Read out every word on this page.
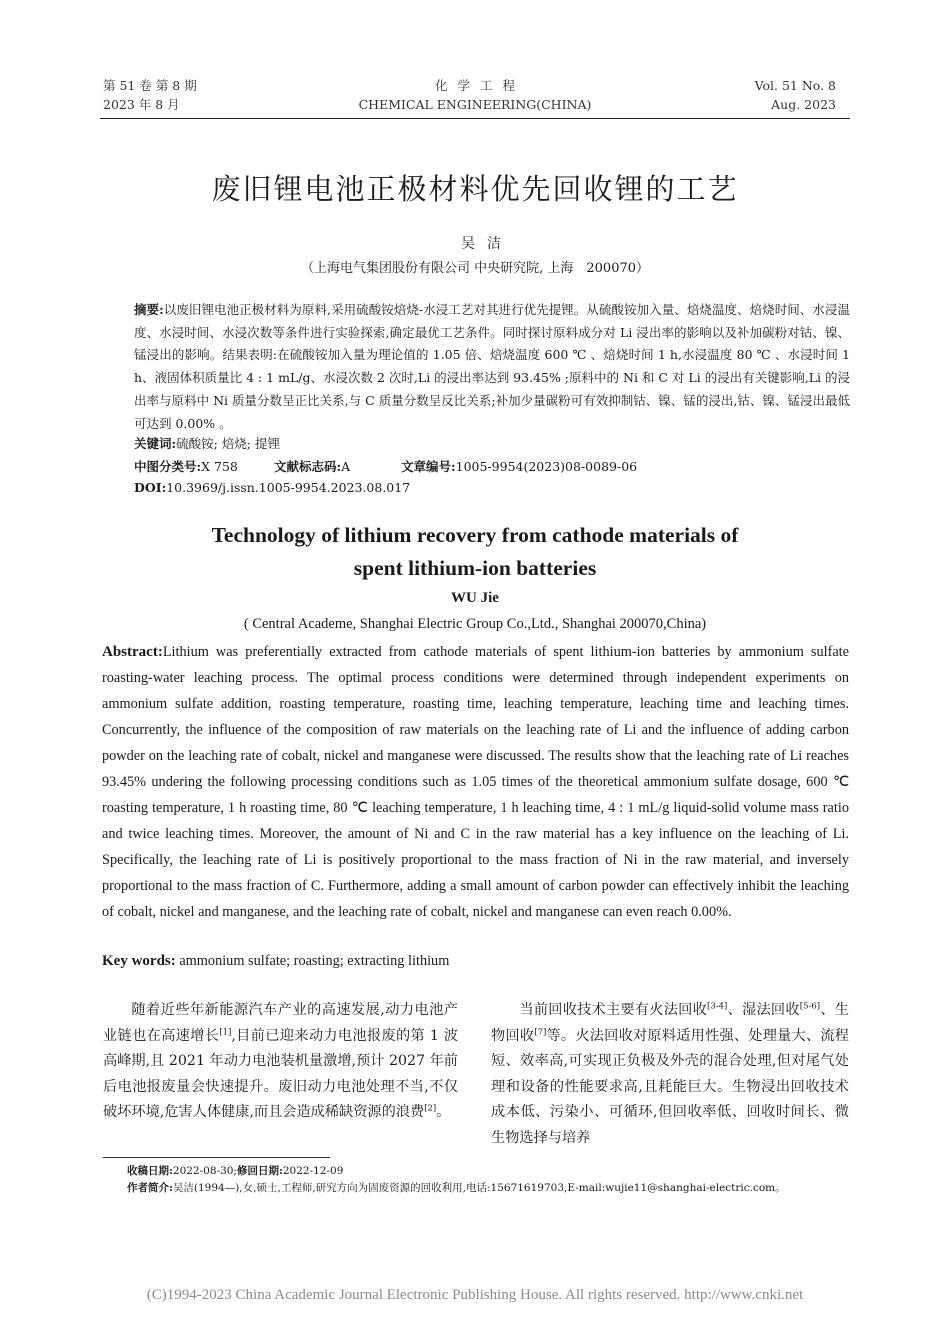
第 51 卷 第 8 期
2023 年 8 月
化学工程
CHEMICAL ENGINEERING(CHINA)
Vol. 51 No. 8
Aug. 2023
废旧锂电池正极材料优先回收锂的工艺
吴洁
（上海电气集团股份有限公司 中央研究院, 上海　200070）

摘要:以废旧锂电池正极材料为原料,采用硫酸铵焙烧-水浸工艺对其进行优先提锂。从硫酸铵加入量、焙烧温度、焙烧时间、水浸温度、水浸时间、水浸次数等条件进行实验探索,确定最优工艺条件。同时探讨原料成分对 Li 浸出率的影响以及补加碳粉对钴、镍、锰浸出的影响。结果表明:在硫酸铵加入量为理论值的 1.05 倍、焙烧温度 600 ℃ 、焙烧时间 1 h,水浸温度 80 ℃ 、水浸时间 1 h、液固体积质量比 4 : 1 mL/g、水浸次数 2 次时,Li 的浸出率达到 93.45% ;原料中的 Ni 和 C 对 Li 的浸出有关键影响,Li 的浸出率与原料中 Ni 质量分数呈正比关系,与 C 质量分数呈反比关系;补加少量碳粉可有效抑制钴、镍、锰的浸出,钴、镍、锰浸出最低可达到 0.00% 。

关键词:硫酸铵; 焙烧; 提锂
中图分类号:X 758	文献标志码:A	文章编号:1005-9954(2023)08-0089-06
DOI:10.3969/j.issn.1005-9954.2023.08.017
Technology of lithium recovery from cathode materials of
spent lithium-ion batteries
WU Jie
( Central Academe, Shanghai Electric Group Co.,Ltd., Shanghai 200070,China)

Abstract:Lithium was preferentially extracted from cathode materials of spent lithium-ion batteries by ammonium sulfate roasting-water leaching process. The optimal process conditions were determined through independent experiments on ammonium sulfate addition, roasting temperature, roasting time, leaching temperature, leaching time and leaching times. Concurrently, the influence of the composition of raw materials on the leaching rate of Li and the influence of adding carbon powder on the leaching rate of cobalt, nickel and manganese were discussed. The results show that the leaching rate of Li reaches 93.45% undering the following processing conditions such as 1.05 times of the theoretical ammonium sulfate dosage, 600 ℃ roasting temperature, 1 h roasting time, 80 ℃ leaching temperature, 1 h leaching time, 4 : 1 mL/g liquid-solid volume mass ratio and twice leaching times. Moreover, the amount of Ni and C in the raw material has a key influence on the leaching of Li. Specifically, the leaching rate of Li is positively proportional to the mass fraction of Ni in the raw material, and inversely proportional to the mass fraction of C. Furthermore, adding a small amount of carbon powder can effectively inhibit the leaching of cobalt, nickel and manganese, and the leaching rate of cobalt, nickel and manganese can even reach 0.00%.

Key words: ammonium sulfate; roasting; extracting lithium

随着近些年新能源汽车产业的高速发展,动力电池产业链也在高速增长[1],目前已迎来动力电池报废的第 1 波高峰期,且 2021 年动力电池装机量激增,预计 2027 年前后电池报废量会快速提升。废旧动力电池处理不当,不仅破坏环境,危害人体健康,而且会造成稀缺资源的浪费[2]。

当前回收技术主要有火法回收[3-4]、湿法回收[5-6]、生物回收[7]等。火法回收对原料适用性强、处理量大、流程短、效率高,可实现正负极及外壳的混合处理,但对尾气处理和设备的性能要求高,且耗能巨大。生物浸出回收技术成本低、污染小、可循环,但回收率低、回收时间长、微生物选择与培养

收稿日期:2022-08-30;修回日期:2022-12-09
作者简介:吴洁(1994—),女,硕士,工程师,研究方向为固废资源的回收利用,电话:15671619703,E-mail:wujie11@shanghai-electric.com。
(C)1994-2023 China Academic Journal Electronic Publishing House. All rights reserved. http://www.cnki.net
